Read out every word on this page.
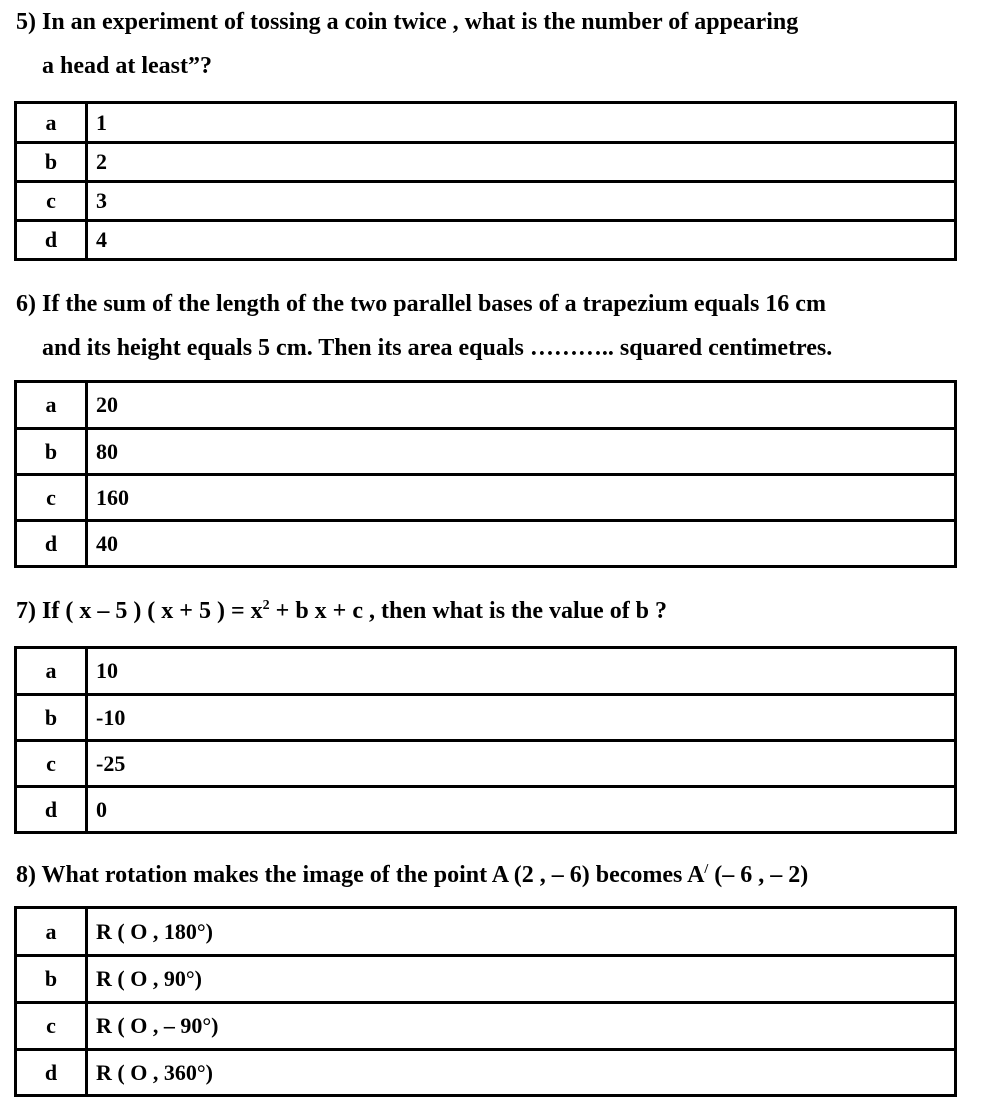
5) In an experiment of tossing a coin twice , what is the number of appearing
a head at least”?
a	1
b	2
c	3
d	4
6) If the sum of the length of the two parallel bases of a trapezium equals 16 cm
and its height equals 5 cm. Then its area equals ……….. squared centimetres.
a	20
b	80
c	160
d	40
7) If ( x – 5 ) ( x + 5 ) = $x^2 + b$ x + c , then what is the value of b ?
a	10
b	-10
c	-25
d	0
8) What rotation makes the image of the point A (2 , – 6) becomes A/ (– 6 , – 2)
a	R ( O , 180°)
b	R ( O , 90°)
c	R ( O , – 90°)
d	R ( O , 360°)
